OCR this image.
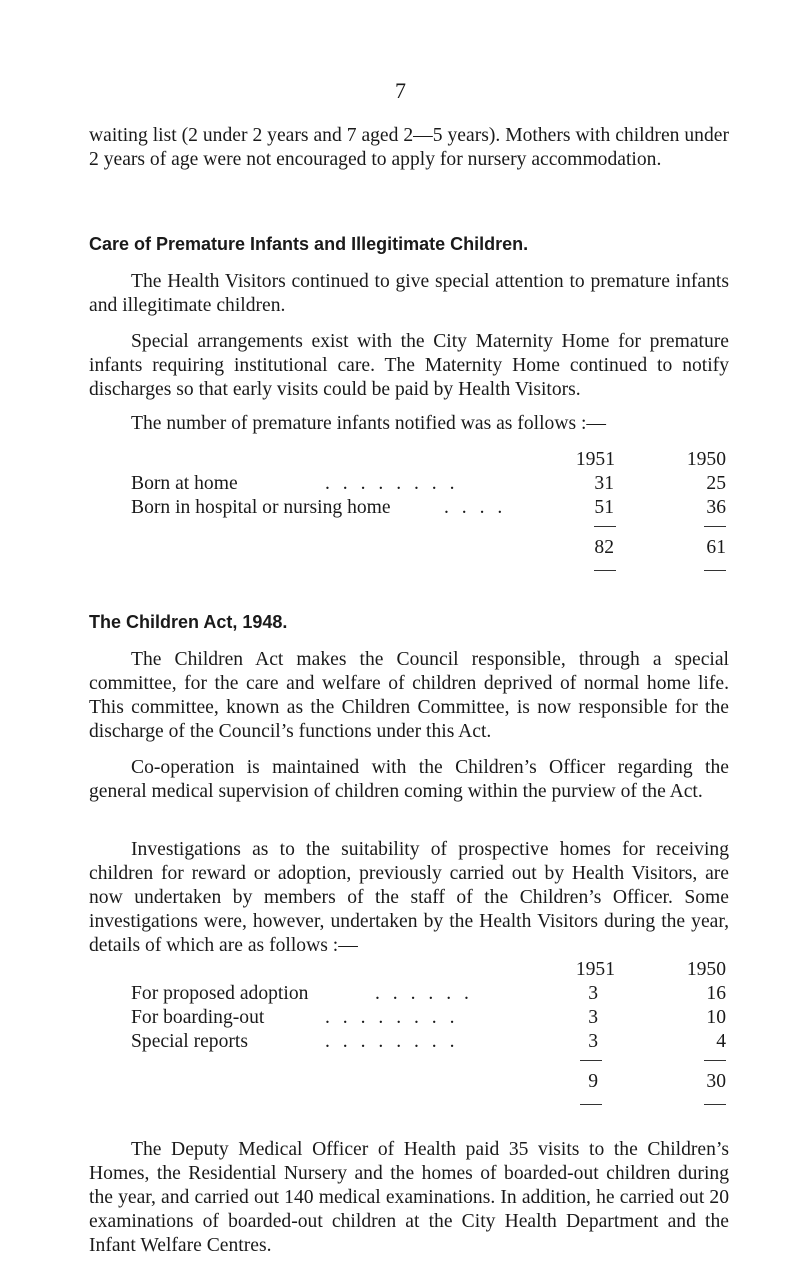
7

waiting list (2 under 2 years and 7 aged 2—5 years). Mothers with children under 2 years of age were not encouraged to apply for nursery accommodation.

Care of Premature Infants and Illegitimate Children.

The Health Visitors continued to give special attention to premature infants and illegitimate children.

Special arrangements exist with the City Maternity Home for premature infants requiring institutional care. The Maternity Home continued to notify discharges so that early visits could be paid by Health Visitors.

The number of premature infants notified was as follows :—

1951	1950
Born at home	. . . . . . . .	31	25
Born in hospital or nursing home	. . . .	51	36
82	61
The Children Act, 1948.

The Children Act makes the Council responsible, through a special committee, for the care and welfare of children deprived of normal home life. This committee, known as the Children Committee, is now responsible for the discharge of the Council’s functions under this Act.

Co-operation is maintained with the Children’s Officer regarding the general medical supervision of children coming within the purview of the Act.

Investigations as to the suitability of prospective homes for receiving children for reward or adoption, previously carried out by Health Visitors, are now undertaken by members of the staff of the Children’s Officer. Some investigations were, however, undertaken by the Health Visitors during the year, details of which are as follows :—

1951	1950
For proposed adoption	. . . . . .	3	16
For boarding-out	. . . . . . . .	3	10
Special reports	. . . . . . . .	3	4
9	30

The Deputy Medical Officer of Health paid 35 visits to the Children’s Homes, the Residential Nursery and the homes of boarded-out children during the year, and carried out 140 medical examinations. In addition, he carried out 20 examinations of boarded-out children at the City Health Department and the Infant Welfare Centres.
